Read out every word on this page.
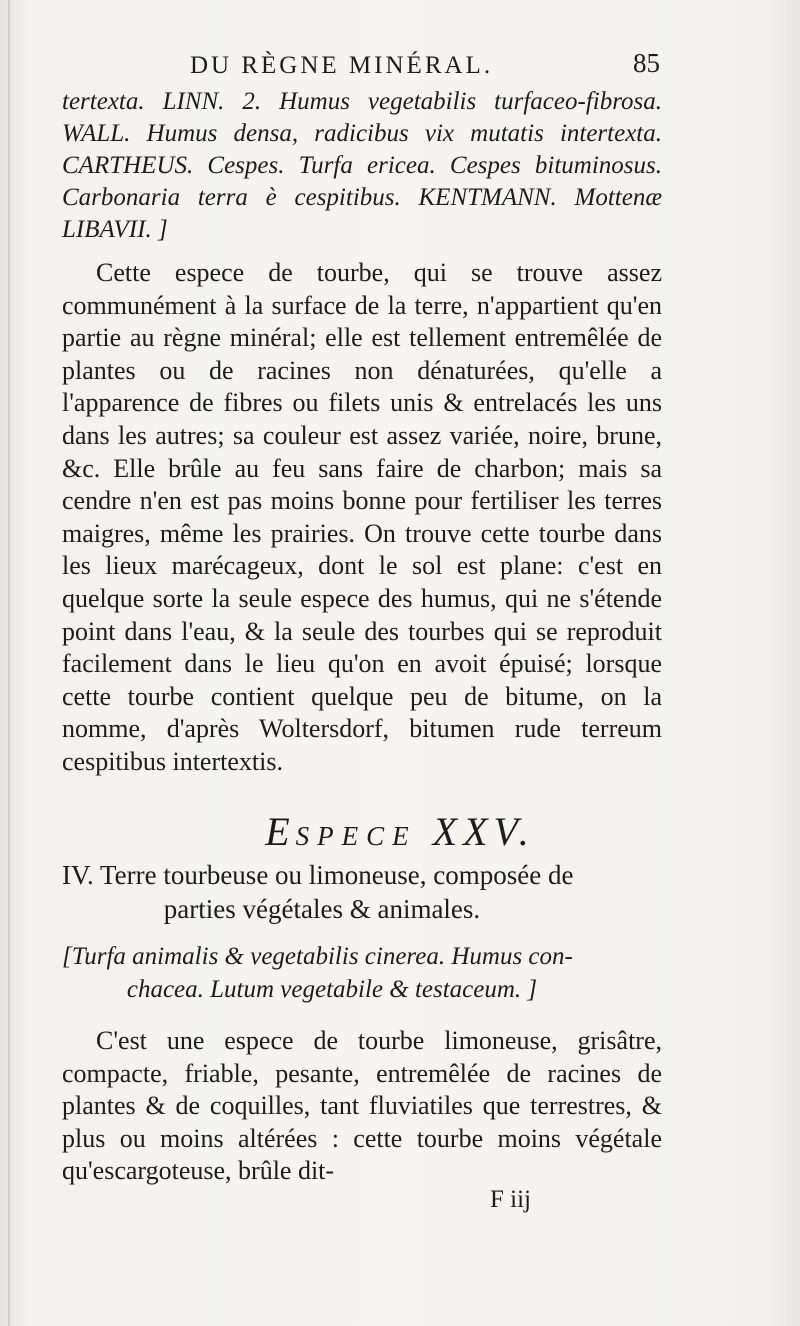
DU RÈGNE MINÉRAL.	85
tertexta. LINN. 2. Humus vegetabilis turfaceo-fibrosa. WALL. Humus densa, radicibus vix mutatis intertexta. CARTHEUS. Cespes. Turfa ericea. Cespes bituminosus. Carbonaria terra è cespitibus. KENTMANN. Mottenæ LIBAVII. ]
Cette espece de tourbe, qui se trouve assez communément à la surface de la terre, n'appartient qu'en partie au règne minéral; elle est tellement entremêlée de plantes ou de racines non dénaturées, qu'elle a l'apparence de fibres ou filets unis & entrelacés les uns dans les autres; sa couleur est assez variée, noire, brune, &c. Elle brûle au feu sans faire de charbon; mais sa cendre n'en est pas moins bonne pour fertiliser les terres maigres, même les prairies. On trouve cette tourbe dans les lieux marécageux, dont le sol est plane: c'est en quelque sorte la seule espece des humus, qui ne s'étende point dans l'eau, & la seule des tourbes qui se reproduit facilement dans le lieu qu'on en avoit épuisé; lorsque cette tourbe contient quelque peu de bitume, on la nomme, d'après Woltersdorf, bitumen rude terreum cespitibus intertextis.
ESPECE XXV.
IV. Terre tourbeuse ou limoneuse, composée de
parties végétales & animales.
[Turfa animalis & vegetabilis cinerea. Humus con-
chacea. Lutum vegetabile & testaceum. ]
C'est une espece de tourbe limoneuse, grisâtre, compacte, friable, pesante, entremêlée de racines de plantes & de coquilles, tant fluviatiles que terrestres, & plus ou moins altérées : cette tourbe moins végétale qu'escargoteuse, brûle dit-
F iij
